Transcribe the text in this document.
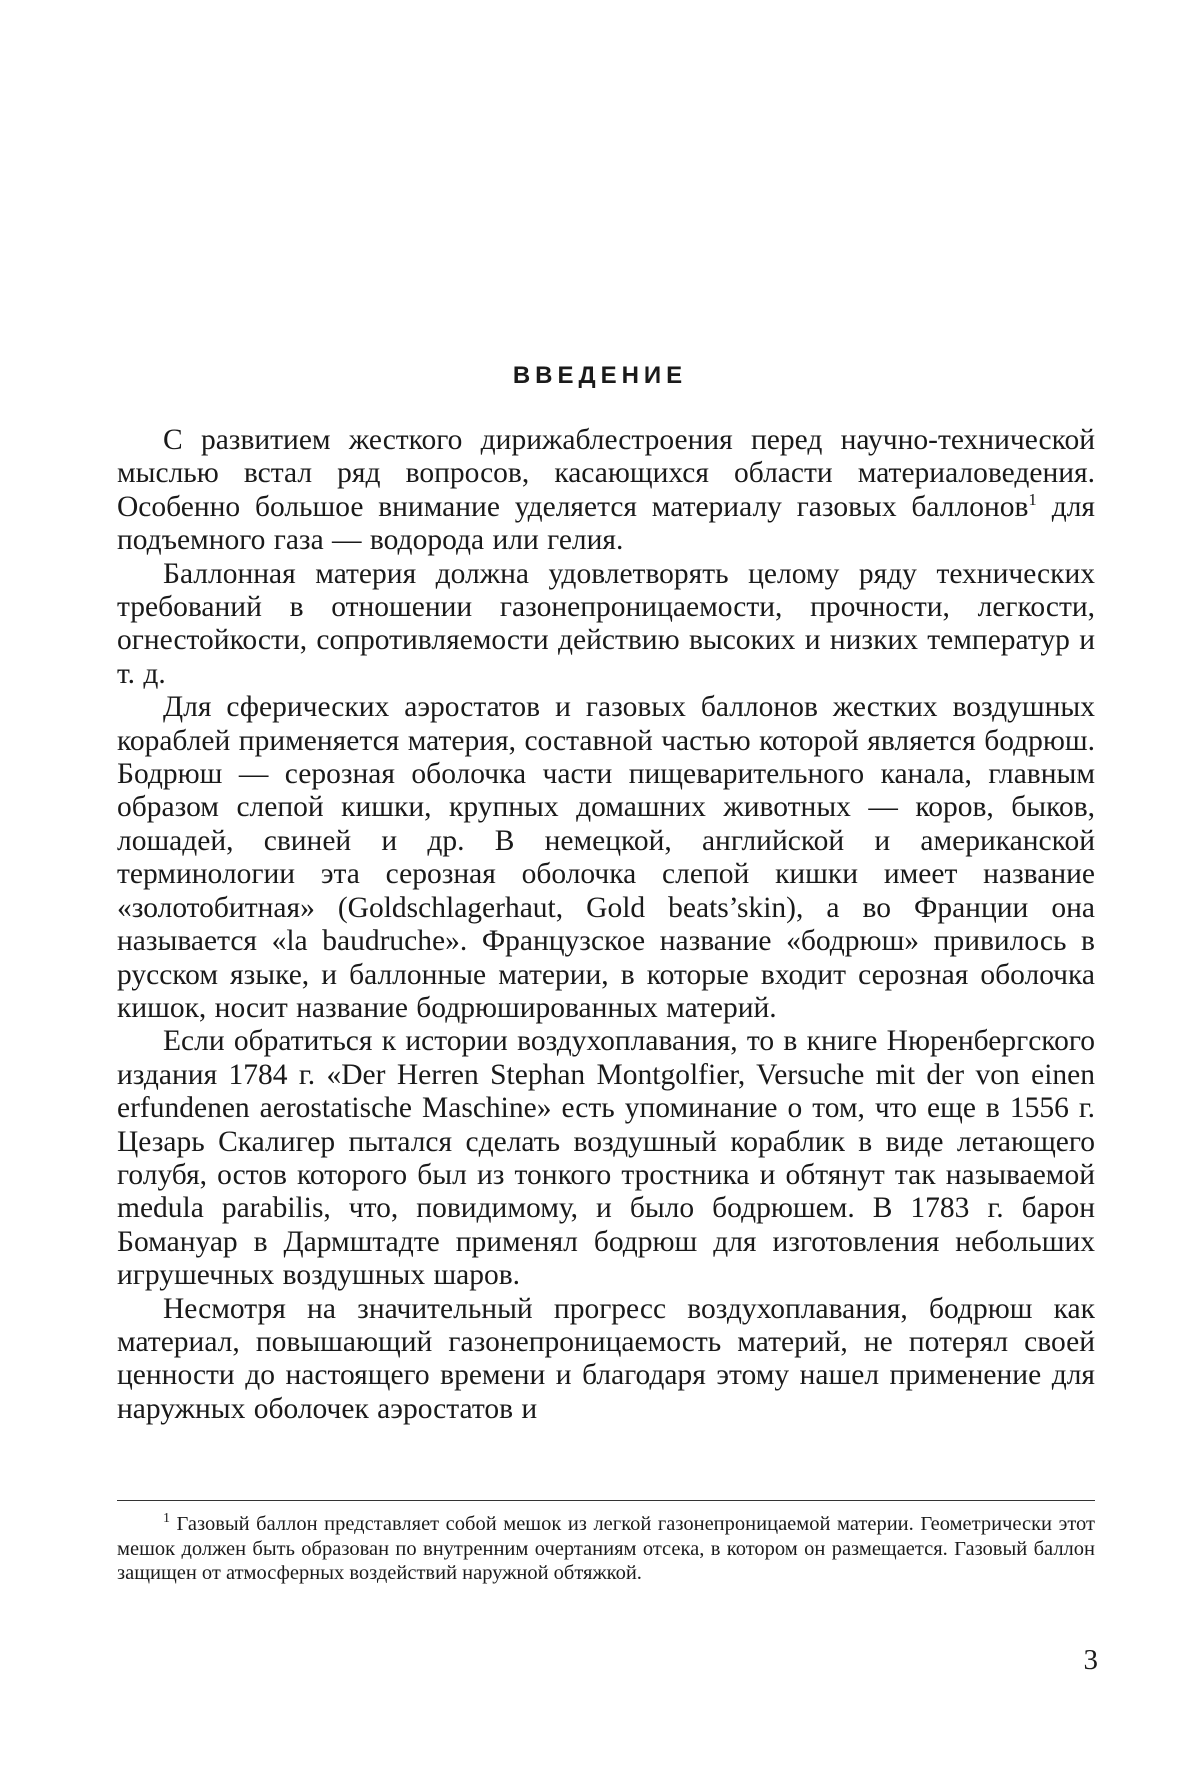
ВВЕДЕНИЕ

С развитием жесткого дирижаблестроения перед научно-технической мыслью встал ряд вопросов, касающихся области материаловедения. Особенно большое внимание уделяется материалу газовых баллонов$^1$ для подъемного газа — водорода или гелия.

Баллонная материя должна удовлетворять целому ряду технических требований в отношении газонепроницаемости, прочности, легкости, огнестойкости, сопротивляемости действию высоких и низких температур и т. д.

Для сферических аэростатов и газовых баллонов жестких воздушных кораблей применяется материя, составной частью которой является бодрюш. Бодрюш — серозная оболочка части пищеварительного канала, главным образом слепой кишки, крупных домашних животных — коров, быков, лошадей, свиней и др. В немецкой, английской и американской терминологии эта серозная оболочка слепой кишки имеет название «золотобитная» (Goldschlagerhaut, Gold beats’skin), а во Франции она называется «la baudruche». Французское название «бодрюш» привилось в русском языке, и баллонные материи, в которые входит серозная оболочка кишок, носит название бодрюшированных материй.

Если обратиться к истории воздухоплавания, то в книге Нюренбергского издания 1784 г. «Der Herren Stephan Montgolfier, Versuche mit der von einen erfundenen aerostatische Maschine» есть упоминание о том, что еще в 1556 г. Цезарь Скалигер пытался сделать воздушный кораблик в виде летающего голубя, остов которого был из тонкого тростника и обтянут так называемой medula parabilis, что, повидимому, и было бодрюшем. В 1783 г. барон Бомануар в Дармштадте применял бодрюш для изготовления небольших игрушечных воздушных шаров.

Несмотря на значительный прогресс воздухоплавания, бодрюш как материал, повышающий газонепроницаемость материй, не потерял своей ценности до настоящего времени и благодаря этому нашел применение для наружных оболочек аэростатов и

$^1$ Газовый баллон представляет собой мешок из легкой газонепроницаемой материи. Геометрически этот мешок должен быть образован по внутренним очертаниям отсека, в котором он размещается. Газовый баллон защищен от атмосферных воздействий наружной обтяжкой.

3
